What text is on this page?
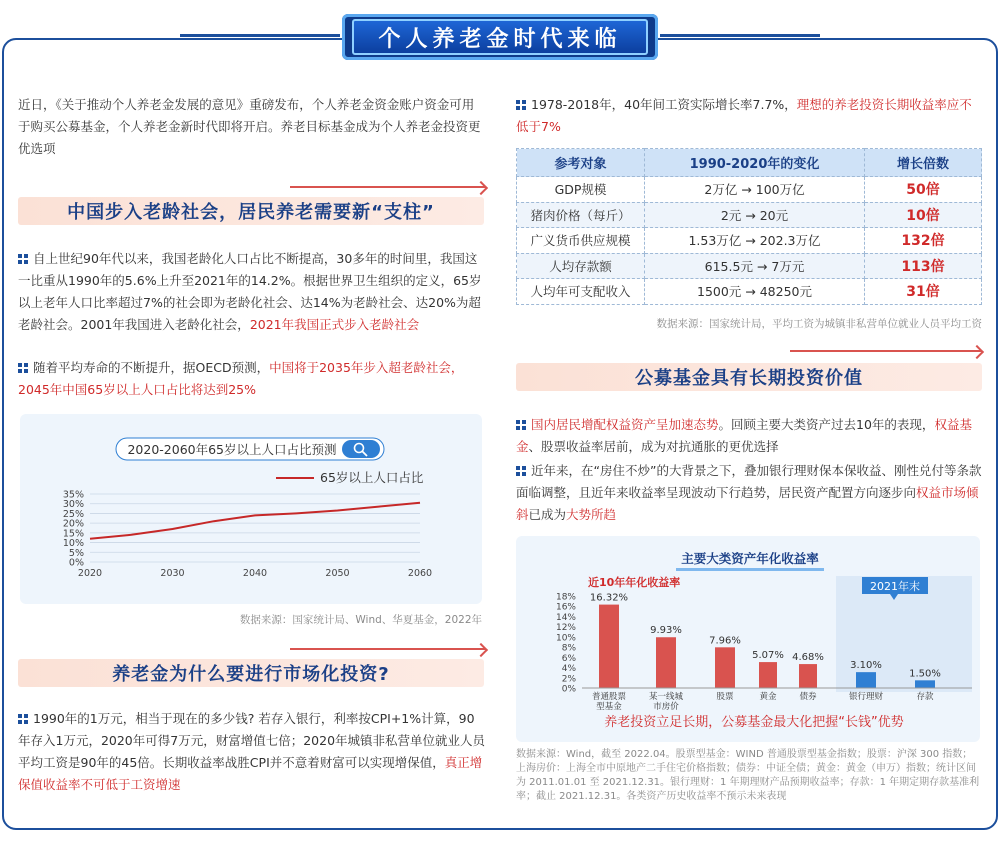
个人养老金时代来临
近日，《关于推动个人养老金发展的意见》重磅发布，个人养老金资金账户资金可用于购买公募基金，个人养老金新时代即将开启。养老目标基金成为个人养老金投资更优选项
中国步入老龄社会，居民养老需要新“支柱”
自上世纪90年代以来，我国老龄化人口占比不断提高，30多年的时间里，我国这一比重从1990年的5.6%上升至2021年的14.2%。根据世界卫生组织的定义，65岁以上老年人口比率超过7%的社会即为老龄化社会、达14%为老龄社会、达20%为超老龄社会。2001年我国进入老龄化社会，2021年我国正式步入老龄社会
随着平均寿命的不断提升，据OECD预测，中国将于2035年步入超老龄社会，2045年中国65岁以上人口占比将达到25%
2020-2060年65岁以上人口占比预测
65岁以上人口占比
35%
30%
25%
20%
15%
10%
5%
0%
2020	2030	2040	2050	2060
数据来源：国家统计局、Wind、华夏基金，2022年
养老金为什么要进行市场化投资?
1990年的1万元，相当于现在的多少钱? 若存入银行，利率按CPI+1%计算，90年存入1万元，2020年可得7万元，财富增值七倍；2020年城镇非私营单位就业人员平均工资是90年的45倍。长期收益率战胜CPI并不意着财富可以实现增保值，真正增保值收益率不可低于工资增速
1978-2018年，40年间工资实际增长率7.7%，理想的养老投资长期收益率应不低于7%
参考对象	1990-2020年的变化	增长倍数
GDP规模	2万亿 → 100万亿	50倍
猪肉价格（每斤）	2元 → 20元	10倍
广义货币供应规模	1.53万亿 → 202.3万亿	132倍
人均存款额	615.5元 → 7万元	113倍
人均年可支配收入	1500元 → 48250元	31倍
数据来源：国家统计局，平均工资为城镇非私营单位就业人员平均工资
公募基金具有长期投资价值
国内居民增配权益资产呈加速态势。回顾主要大类资产过去10年的表现，权益基金、股票收益率居前，成为对抗通胀的更优选择
近年来，在“房住不炒”的大背景之下，叠加银行理财保本保收益、刚性兑付等条款面临调整，且近年来收益率呈现波动下行趋势，居民资产配置方向逐步向权益市场倾斜已成为大势所趋
主要大类资产年化收益率
2021年末
近10年年化收益率
18%
16%
14%
12%
10%
8%
6%
4%
2%
0%
16.32%
普通股票
型基金
9.93%
某一线城
市房价
7.96%
股票
5.07%
黄金
4.68%
债券
3.10%
银行理财
1.50%
存款
养老投资立足长期，公募基金最大化把握“长钱”优势
数据来源：Wind，截至 2022.04。股票型基金：WIND 普通股票型基金指数；股票：沪深 300 指数；上海房价：上海全市中原地产二手住宅价格指数；债券：中证全债；黄金：黄金（申万）指数；统计区间为 2011.01.01 至 2021.12.31。银行理财：1 年期理财产品预期收益率；存款：1 年期定期存款基准利率；截止 2021.12.31。各类资产历史收益率不预示未来表现
